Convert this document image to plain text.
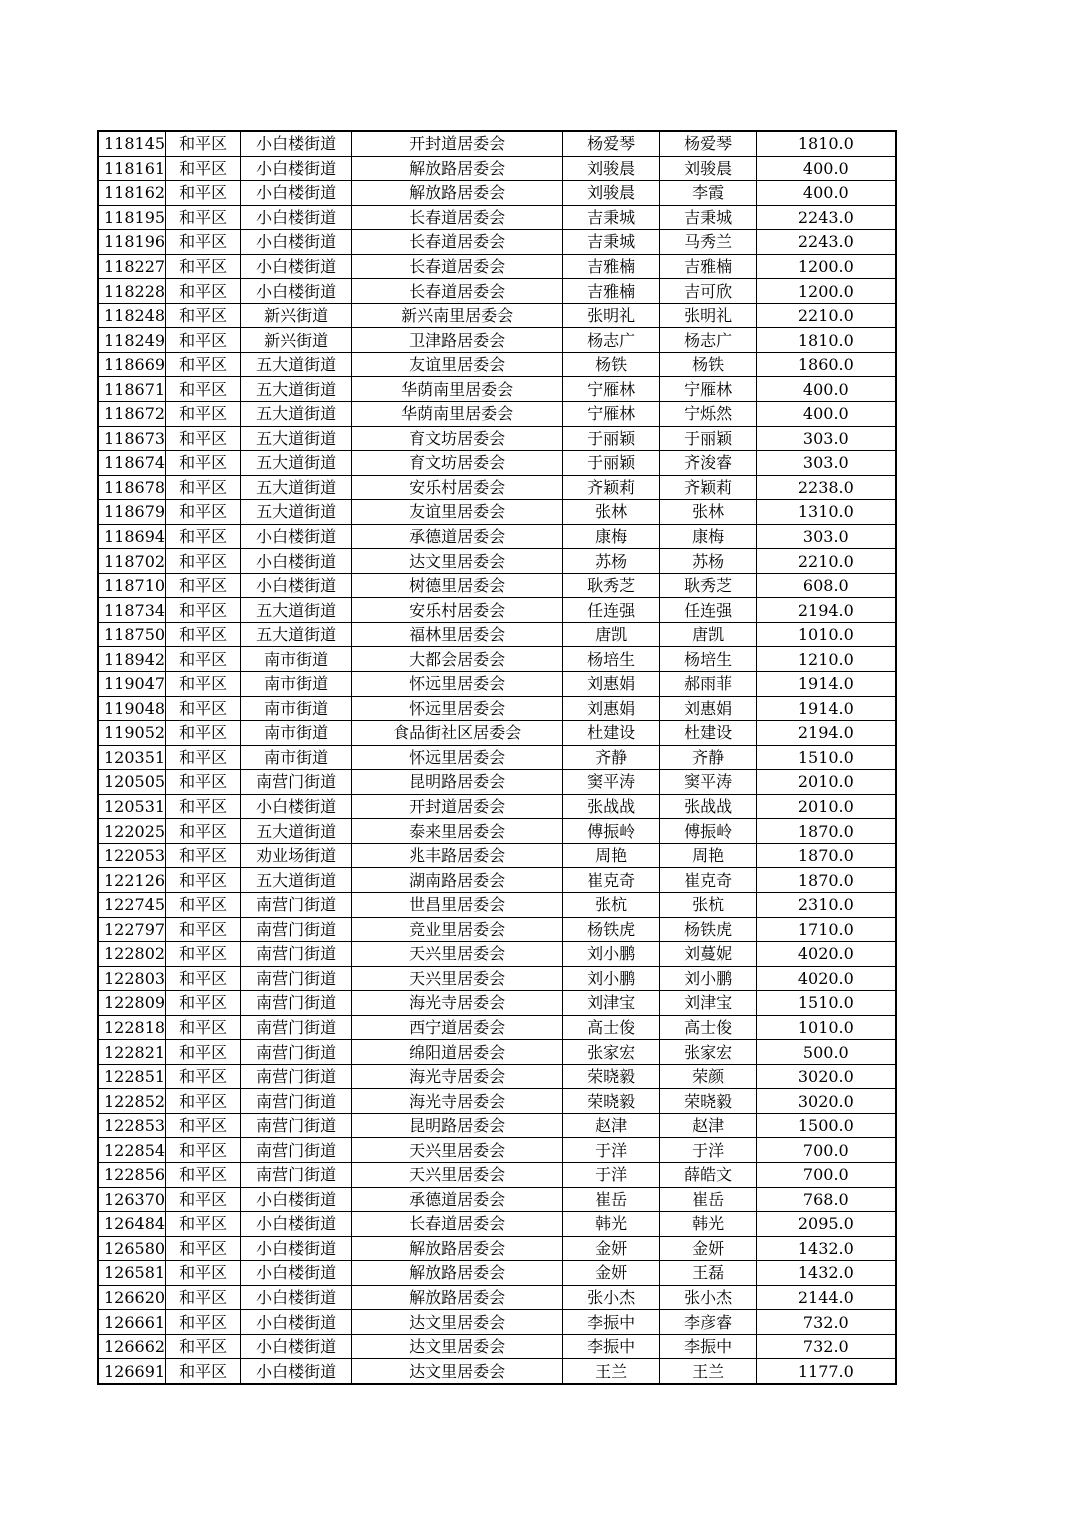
118145	和平区	小白楼街道	开封道居委会	杨爱琴	杨爱琴	1810.0
118161	和平区	小白楼街道	解放路居委会	刘骏晨	刘骏晨	400.0
118162	和平区	小白楼街道	解放路居委会	刘骏晨	李霞	400.0
118195	和平区	小白楼街道	长春道居委会	吉秉城	吉秉城	2243.0
118196	和平区	小白楼街道	长春道居委会	吉秉城	马秀兰	2243.0
118227	和平区	小白楼街道	长春道居委会	吉雅楠	吉雅楠	1200.0
118228	和平区	小白楼街道	长春道居委会	吉雅楠	吉可欣	1200.0
118248	和平区	新兴街道	新兴南里居委会	张明礼	张明礼	2210.0
118249	和平区	新兴街道	卫津路居委会	杨志广	杨志广	1810.0
118669	和平区	五大道街道	友谊里居委会	杨铁	杨铁	1860.0
118671	和平区	五大道街道	华荫南里居委会	宁雁林	宁雁林	400.0
118672	和平区	五大道街道	华荫南里居委会	宁雁林	宁烁然	400.0
118673	和平区	五大道街道	育文坊居委会	于丽颖	于丽颖	303.0
118674	和平区	五大道街道	育文坊居委会	于丽颖	齐浚睿	303.0
118678	和平区	五大道街道	安乐村居委会	齐颖莉	齐颖莉	2238.0
118679	和平区	五大道街道	友谊里居委会	张林	张林	1310.0
118694	和平区	小白楼街道	承德道居委会	康梅	康梅	303.0
118702	和平区	小白楼街道	达文里居委会	苏杨	苏杨	2210.0
118710	和平区	小白楼街道	树德里居委会	耿秀芝	耿秀芝	608.0
118734	和平区	五大道街道	安乐村居委会	任连强	任连强	2194.0
118750	和平区	五大道街道	福林里居委会	唐凯	唐凯	1010.0
118942	和平区	南市街道	大都会居委会	杨培生	杨培生	1210.0
119047	和平区	南市街道	怀远里居委会	刘惠娟	郝雨菲	1914.0
119048	和平区	南市街道	怀远里居委会	刘惠娟	刘惠娟	1914.0
119052	和平区	南市街道	食品街社区居委会	杜建设	杜建设	2194.0
120351	和平区	南市街道	怀远里居委会	齐静	齐静	1510.0
120505	和平区	南营门街道	昆明路居委会	窦平涛	窦平涛	2010.0
120531	和平区	小白楼街道	开封道居委会	张战战	张战战	2010.0
122025	和平区	五大道街道	泰来里居委会	傅振岭	傅振岭	1870.0
122053	和平区	劝业场街道	兆丰路居委会	周艳	周艳	1870.0
122126	和平区	五大道街道	湖南路居委会	崔克奇	崔克奇	1870.0
122745	和平区	南营门街道	世昌里居委会	张杭	张杭	2310.0
122797	和平区	南营门街道	竞业里居委会	杨铁虎	杨铁虎	1710.0
122802	和平区	南营门街道	天兴里居委会	刘小鹏	刘蔓妮	4020.0
122803	和平区	南营门街道	天兴里居委会	刘小鹏	刘小鹏	4020.0
122809	和平区	南营门街道	海光寺居委会	刘津宝	刘津宝	1510.0
122818	和平区	南营门街道	西宁道居委会	高士俊	高士俊	1010.0
122821	和平区	南营门街道	绵阳道居委会	张家宏	张家宏	500.0
122851	和平区	南营门街道	海光寺居委会	荣晓毅	荣颜	3020.0
122852	和平区	南营门街道	海光寺居委会	荣晓毅	荣晓毅	3020.0
122853	和平区	南营门街道	昆明路居委会	赵津	赵津	1500.0
122854	和平区	南营门街道	天兴里居委会	于洋	于洋	700.0
122856	和平区	南营门街道	天兴里居委会	于洋	薛皓文	700.0
126370	和平区	小白楼街道	承德道居委会	崔岳	崔岳	768.0
126484	和平区	小白楼街道	长春道居委会	韩光	韩光	2095.0
126580	和平区	小白楼街道	解放路居委会	金妍	金妍	1432.0
126581	和平区	小白楼街道	解放路居委会	金妍	王磊	1432.0
126620	和平区	小白楼街道	解放路居委会	张小杰	张小杰	2144.0
126661	和平区	小白楼街道	达文里居委会	李振中	李彦睿	732.0
126662	和平区	小白楼街道	达文里居委会	李振中	李振中	732.0
126691	和平区	小白楼街道	达文里居委会	王兰	王兰	1177.0
